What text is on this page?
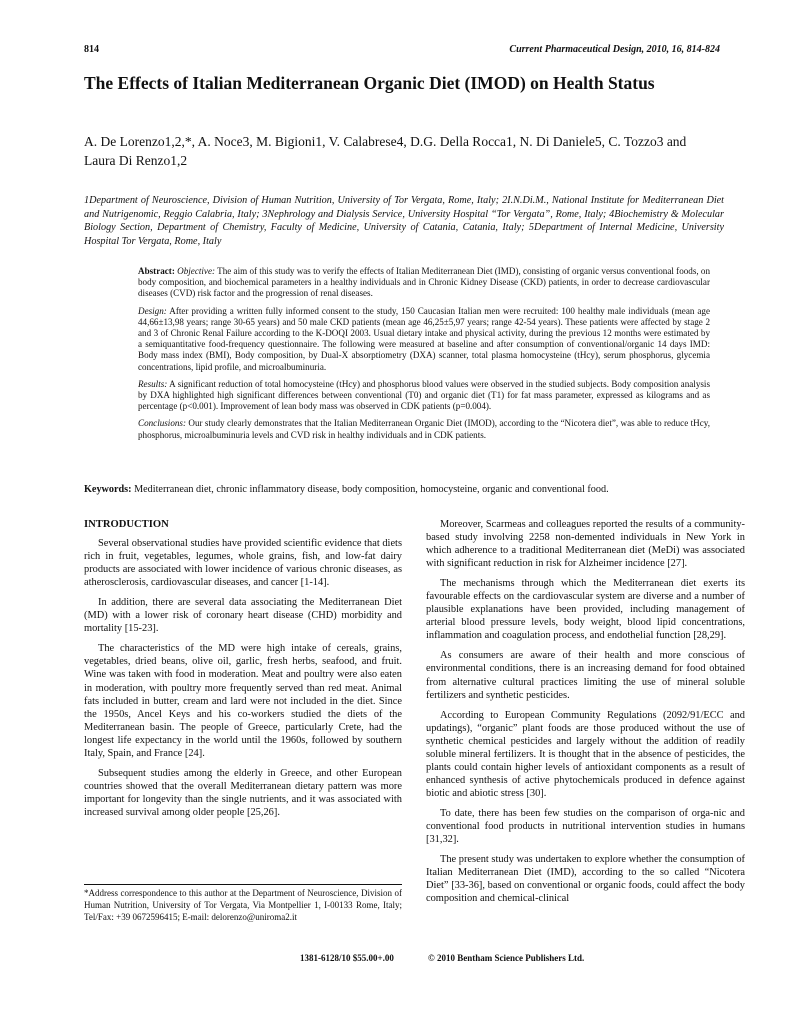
814	Current Pharmaceutical Design, 2010, 16, 814-824
The Effects of Italian Mediterranean Organic Diet (IMOD) on Health Status
A. De Lorenzo1,2,*, A. Noce3, M. Bigioni1, V. Calabrese4, D.G. Della Rocca1, N. Di Daniele5, C. Tozzo3 and
Laura Di Renzo1,2
1Department of Neuroscience, Division of Human Nutrition, University of Tor Vergata, Rome, Italy; 2I.N.Di.M., National Institute for Mediterranean Diet and Nutrigenomic, Reggio Calabria, Italy; 3Nephrology and Dialysis Service, University Hospital “Tor Vergata”, Rome, Italy; 4Biochemistry & Molecular Biology Section, Department of Chemistry, Faculty of Medicine, University of Catania, Catania, Italy; 5Department of Internal Medicine, University Hospital Tor Vergata, Rome, Italy

Abstract: Objective: The aim of this study was to verify the effects of Italian Mediterranean Diet (IMD), consisting of organic versus conventional foods, on body composition, and biochemical parameters in a healthy individuals and in Chronic Kidney Disease (CKD) patients, in order to decrease cardiovascular diseases (CVD) risk factor and the progression of renal diseases.

Design: After providing a written fully informed consent to the study, 150 Caucasian Italian men were recruited: 100 healthy male individuals (mean age 44,66±13,98 years; range 30-65 years) and 50 male CKD patients (mean age 46,25±5,97 years; range 42-54 years). These patients were affected by stage 2 and 3 of Chronic Renal Failure according to the K-DOQI 2003. Usual dietary intake and physical activity, during the previous 12 months were estimated by a semiquantitative food-frequency questionnaire. The following were measured at baseline and after consumption of conventional/organic 14 days IMD: Body mass index (BMI), Body composition, by Dual-X absorptiometry (DXA) scanner, total plasma homocysteine (tHcy), serum phosphorus, glycemia concentrations, lipid profile, and microalbuminuria.

Results: A significant reduction of total homocysteine (tHcy) and phosphorus blood values were observed in the studied subjects. Body composition analysis by DXA highlighted high significant differences between conventional (T0) and organic diet (T1) for fat mass parameter, expressed as kilograms and as percentage (p<0.001). Improvement of lean body mass was observed in CDK patients (p=0.004).

Conclusions: Our study clearly demonstrates that the Italian Mediterranean Organic Diet (IMOD), according to the “Nicotera diet”, was able to reduce tHcy, phosphorus, microalbuminuria levels and CVD risk in healthy individuals and in CDK patients.

Keywords: Mediterranean diet, chronic inflammatory disease, body composition, homocysteine, organic and conventional food.
INTRODUCTION

Several observational studies have provided scientific evidence that diets rich in fruit, vegetables, legumes, whole grains, fish, and low-fat dairy products are associated with lower incidence of various chronic diseases, as atherosclerosis, cardiovascular diseases, and cancer [1-14].

In addition, there are several data associating the Mediterranean Diet (MD) with a lower risk of coronary heart disease (CHD) morbidity and mortality [15-23].

The characteristics of the MD were high intake of cereals, grains, vegetables, dried beans, olive oil, garlic, fresh herbs, seafood, and fruit. Wine was taken with food in moderation. Meat and poultry were also eaten in moderation, with poultry more frequently served than red meat. Animal fats included in butter, cream and lard were not included in the diet. Since the 1950s, Ancel Keys and his co-workers studied the diets of the Mediterranean basin. The people of Greece, particularly Crete, had the longest life expectancy in the world until the 1960s, followed by southern Italy, Spain, and France [24].

Subsequent studies among the elderly in Greece, and other European countries showed that the overall Mediterranean dietary pattern was more important for longevity than the single nutrients, and it was associated with increased survival among older people [25,26].

Moreover, Scarmeas and colleagues reported the results of a community-based study involving 2258 non-demented individuals in New York in which adherence to a traditional Mediterranean diet (MeDi) was associated with significant reduction in risk for Alzheimer incidence [27].

The mechanisms through which the Mediterranean diet exerts its favourable effects on the cardiovascular system are diverse and a number of plausible explanations have been provided, including management of arterial blood pressure levels, body weight, blood lipid concentrations, inflammation and coagulation process, and endothelial function [28,29].

As consumers are aware of their health and more conscious of environmental conditions, there is an increasing demand for food obtained from alternative cultural practices limiting the use of mineral soluble fertilizers and synthetic pesticides.

According to European Community Regulations (2092/91/ECC and updatings), “organic” plant foods are those produced without the use of synthetic chemical pesticides and largely without the addition of readily soluble mineral fertilizers. It is thought that in the absence of pesticides, the plants could contain higher levels of antioxidant components as a result of enhanced synthesis of active phytochemicals produced in defence against biotic and abiotic stress [30].

To date, there has been few studies on the comparison of orga-nic and conventional food products in nutritional intervention studies in humans [31,32].

The present study was undertaken to explore whether the consumption of Italian Mediterranean Diet (IMD), according to the so called “Nicotera Diet” [33-36], based on conventional or organic foods, could affect the body composition and chemical-clinical

*Address correspondence to this author at the Department of Neuroscience, Division of Human Nutrition, University of Tor Vergata, Via Montpellier 1, I-00133 Rome, Italy; Tel/Fax: +39 0672596415; E-mail: delorenzo@uniroma2.it
1381-6128/10 $55.00+.00	© 2010 Bentham Science Publishers Ltd.
